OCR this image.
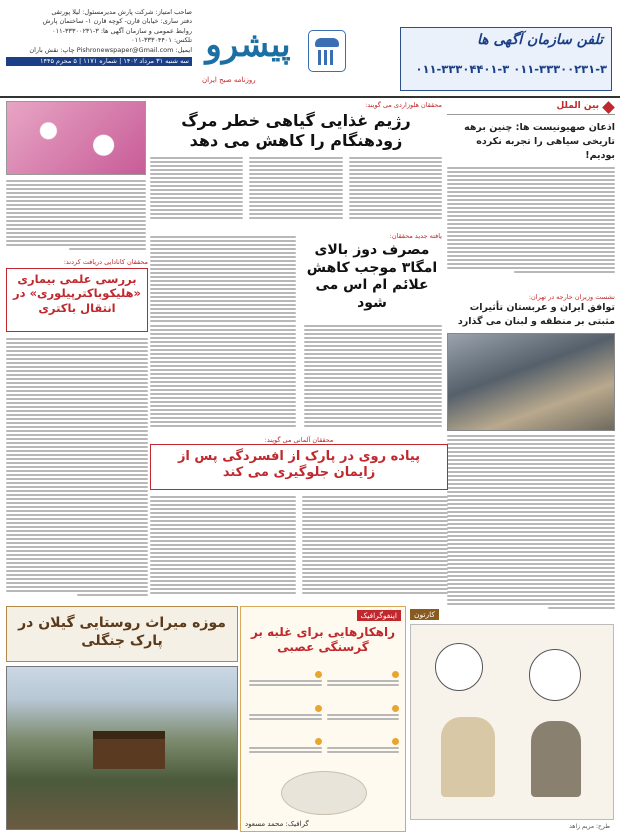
تلفن سازمان آگهی ها
۰۱۱-۳۳۳۰۴۴۰۱-۳ ۰۱۱-۳۳۳۰۰۲۳۱-۳
پیشرو
روزنامه صبح ایران
صاحب امتیاز: شرکت پارش مدیرمسئول: لیلا پورتقی
دفتر ساری: خیابان قارن- کوچه قارن ۱- ساختمان پارش
روابط عمومی و سازمان آگهی ها: ۳-۳۳۳۰۰۲۳۱-۰۱۱
تلکس: ۳۳۳۰۴۴۰۱-۰۱۱
ایمیل: Pishronewspaper@Gmail.com چاپ: نقش باران
سه شنبه ۳۱ مرداد ۱۴۰۲ | شماره ۱۱۷۱ | ۵ محرم ۱۴۴۵
بین الملل
اذعان صهیونیست ها: چنین برهه تاریخی سیاهی را تجربه نکرده بودیم!
نشست وزیران خارجه در تهران:
توافق ایران و عربستان تأثیرات مثبتی بر منطقه و لبنان می گذارد
محققان هلوزاردی می گویند:
رژیم غذایی گیاهی خطر مرگ زودهنگام را کاهش می دهد
یافته جدید محققان:
مصرف دوز بالای امگا۳ موجب کاهش علائم ام اس می شود
محققان آلمانی می گویند:
پیاده روی در پارک از افسردگی پس از زایمان جلوگیری می کند
محققان کانادایی دریافت کردند:
بررسی علمی بیماری «هلیکوباکترپیلوری» در انتقال باکتری
موزه میراث روستایی گیلان در پارک جنگلی
اینفوگرافیک
راهکارهایی برای غلبه بر گرسنگی عصبی
گرافیک: محمد مسعود
کارتون
طرح: مریم زاهد
